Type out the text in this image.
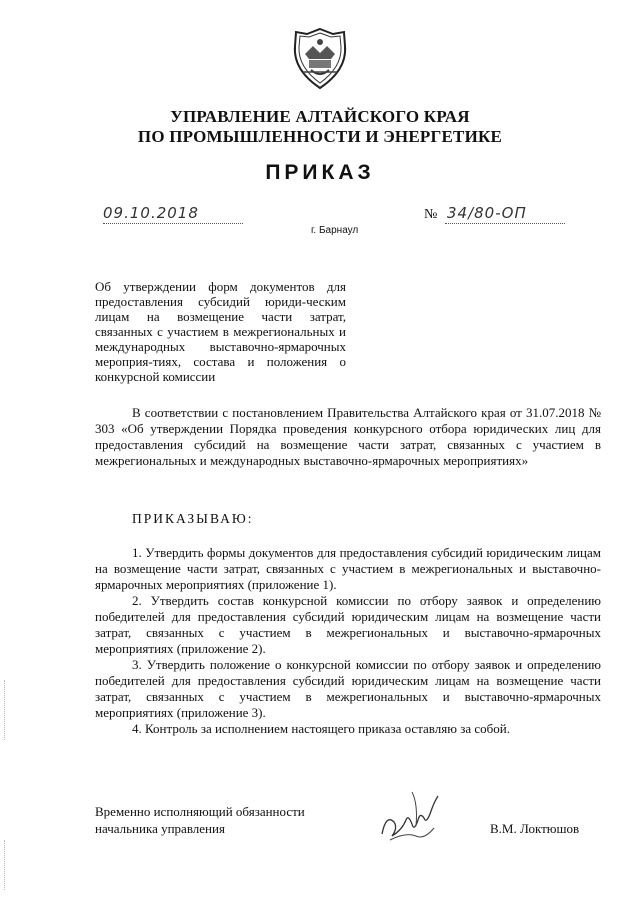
УПРАВЛЕНИЕ АЛТАЙСКОГО КРАЯ
ПО ПРОМЫШЛЕННОСТИ И ЭНЕРГЕТИКЕ
ПРИКАЗ
09.10.2018
г. Барнаул
№ 34/80-ОП
Об утверждении форм документов для предоставления субсидий юриди-ческим лицам на возмещение части затрат, связанных с участием в межрегиональных и международных выставочно-ярмарочных мероприя-тиях, состава и положения о конкурсной комиссии
В соответствии с постановлением Правительства Алтайского края от 31.07.2018 № 303 «Об утверждении Порядка проведения конкурсного отбора юридических лиц для предоставления субсидий на возмещение части затрат, связанных с участием в межрегиональных и международных выставочно-ярмарочных мероприятиях»
ПРИКАЗЫВАЮ:

1. Утвердить формы документов для предоставления субсидий юридическим лицам на возмещение части затрат, связанных с участием в межрегиональных и выставочно-ярмарочных мероприятиях (приложение 1).

2. Утвердить состав конкурсной комиссии по отбору заявок и определению победителей для предоставления субсидий юридическим лицам на возмещение части затрат, связанных с участием в межрегиональных и выставочно-ярмарочных мероприятиях (приложение 2).

3. Утвердить положение о конкурсной комиссии по отбору заявок и определению победителей для предоставления субсидий юридическим лицам на возмещение части затрат, связанных с участием в межрегиональных и выставочно-ярмарочных мероприятиях (приложение 3).

4. Контроль за исполнением настоящего приказа оставляю за собой.

Временно исполняющий обязанности
начальника управления	В.М. Локтюшов
